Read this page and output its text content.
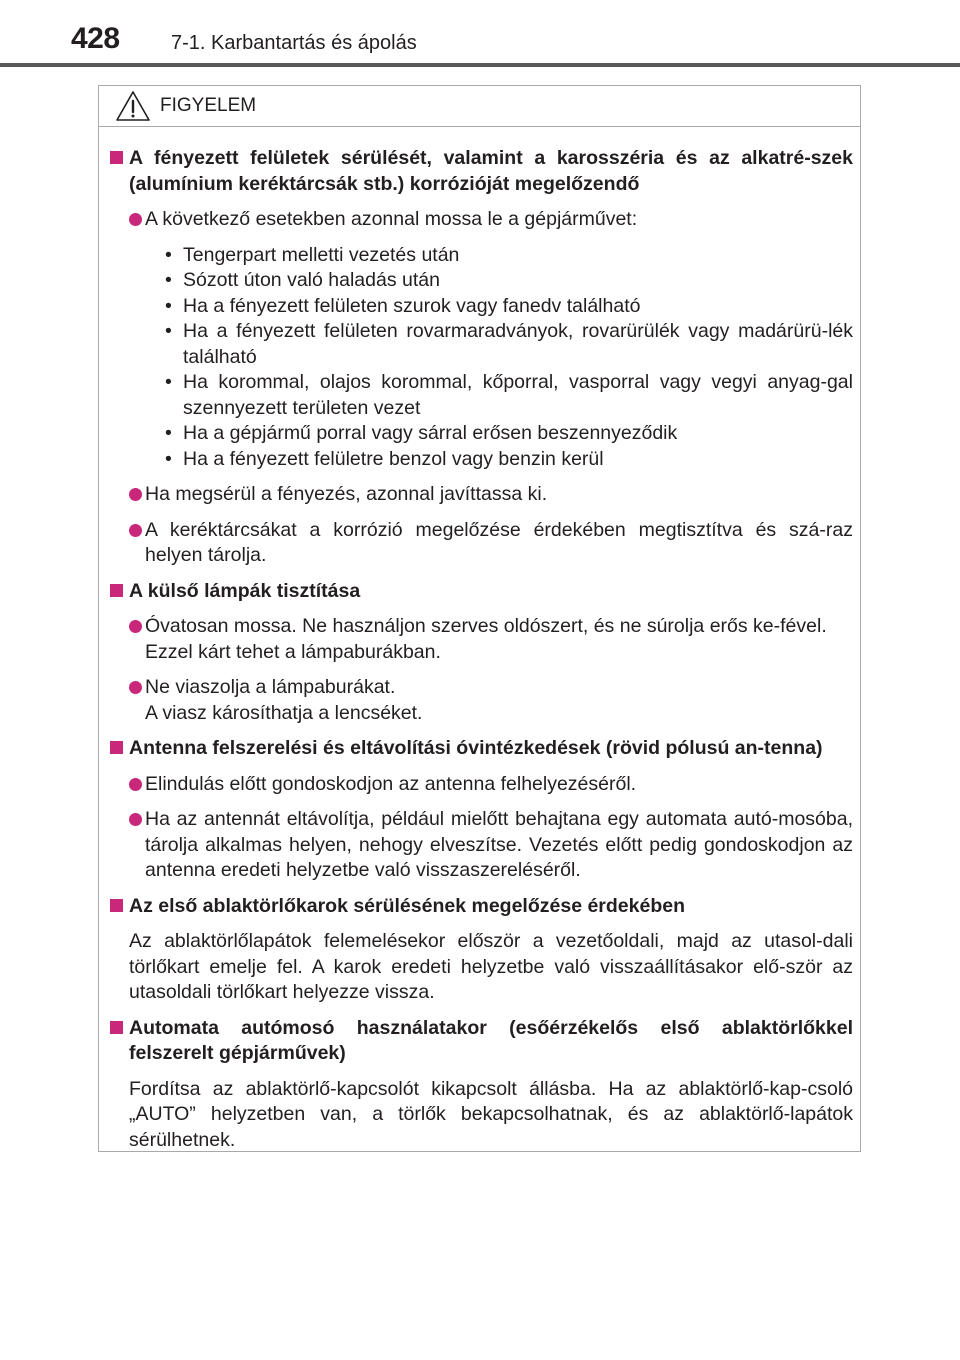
428	7-1. Karbantartás és ápolás
FIGYELEM
A fényezett felületek sérülését, valamint a karosszéria és az alkatré-szek (alumínium keréktárcsák stb.) korrózióját megelőzendő
A következő esetekben azonnal mossa le a gépjárművet:
• Tengerpart melletti vezetés után
• Sózott úton való haladás után
• Ha a fényezett felületen szurok vagy fanedv található
• Ha a fényezett felületen rovarmaradványok, rovarürülék vagy madárürü-lék található
• Ha korommal, olajos korommal, kőporral, vasporral vagy vegyi anyag-gal szennyezett területen vezet
• Ha a gépjármű porral vagy sárral erősen beszennyeződik
• Ha a fényezett felületre benzol vagy benzin kerül
Ha megsérül a fényezés, azonnal javíttassa ki.
A keréktárcsákat a korrózió megelőzése érdekében megtisztítva és szá-raz helyen tárolja.
A külső lámpák tisztítása
Óvatosan mossa. Ne használjon szerves oldószert, és ne súrolja erős ke-fével.
Ezzel kárt tehet a lámpaburákban.
Ne viaszolja a lámpaburákat.
A viasz károsíthatja a lencséket.
Antenna felszerelési és eltávolítási óvintézkedések (rövid pólusú an-tenna)
Elindulás előtt gondoskodjon az antenna felhelyezéséről.
Ha az antennát eltávolítja, például mielőtt behajtana egy automata autó-mosóba, tárolja alkalmas helyen, nehogy elveszítse. Vezetés előtt pedig gondoskodjon az antenna eredeti helyzetbe való visszaszereléséről.
Az első ablaktörlőkarok sérülésének megelőzése érdekében
Az ablaktörlőlapátok felemelésekor először a vezetőoldali, majd az utasol-dali törlőkart emelje fel. A karok eredeti helyzetbe való visszaállításakor elő-ször az utasoldali törlőkart helyezze vissza.
Automata autómosó használatakor (esőérzékelős első ablaktörlőkkel felszerelt gépjárművek)
Fordítsa az ablaktörlő-kapcsolót kikapcsolt állásba. Ha az ablaktörlő-kap-csoló „AUTO” helyzetben van, a törlők bekapcsolhatnak, és az ablaktörlő-lapátok sérülhetnek.
